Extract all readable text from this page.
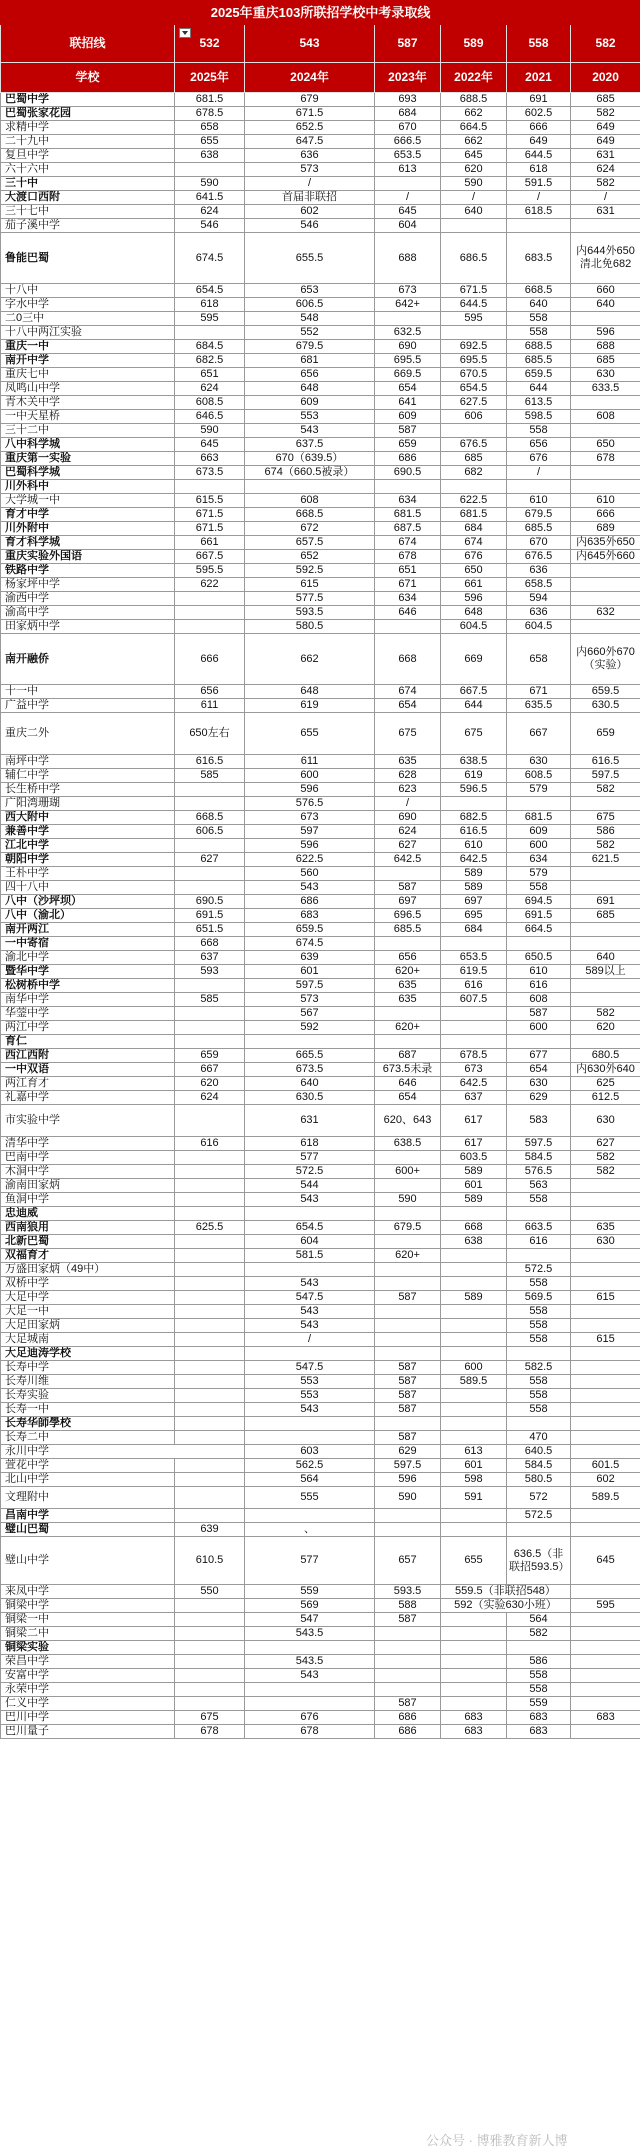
2025年重庆103所联招学校中考录取线						
联招线	532	543	587	589	558	582
学校	2025年	2024年	2023年	2022年	2021	2020
巴蜀中学	681.5	679	693	688.5	691	685
巴蜀张家花园	678.5	671.5	684	662	602.5	582
求精中学	658	652.5	670	664.5	666	649
二十九中	655	647.5	666.5	662	649	649
复旦中学	638	636	653.5	645	644.5	631
六十六中		573	613	620	618	624
三十中	590	/		590	591.5	582
大渡口西附	641.5	首届非联招	/	/	/	/
三十七中	624	602	645	640	618.5	631
茄子溪中学	546	546	604			
鲁能巴蜀	674.5	655.5	688	686.5	683.5	内644外650清北免682
十八中	654.5	653	673	671.5	668.5	660
字水中学	618	606.5	642+	644.5	640	640
二0三中	595	548		595	558	
十八中两江实验		552	632.5		558	596
重庆一中	684.5	679.5	690	692.5	688.5	688
南开中学	682.5	681	695.5	695.5	685.5	685
重庆七中	651	656	669.5	670.5	659.5	630
凤鸣山中学	624	648	654	654.5	644	633.5
青木关中学	608.5	609	641	627.5	613.5	
一中天星桥	646.5	553	609	606	598.5	608
三十二中	590	543	587		558	
八中科学城	645	637.5	659	676.5	656	650
重庆第一实验	663	670（639.5）	686	685	676	678
巴蜀科学城	673.5	674（660.5被录）	690.5	682	/	
川外科中						
大学城一中	615.5	608	634	622.5	610	610
育才中学	671.5	668.5	681.5	681.5	679.5	666
川外附中	671.5	672	687.5	684	685.5	689
育才科学城	661	657.5	674	674	670	内635外650
重庆实验外国语	667.5	652	678	676	676.5	内645外660
铁路中学	595.5	592.5	651	650	636	
杨家坪中学	622	615	671	661	658.5	
渝西中学		577.5	634	596	594	
渝高中学		593.5	646	648	636	632
田家炳中学		580.5		604.5	604.5	
南开融侨	666	662	668	669	658	内660外670（实验）
十一中	656	648	674	667.5	671	659.5
广益中学	611	619	654	644	635.5	630.5
重庆二外	650左右	655	675	675	667	659
南坪中学	616.5	611	635	638.5	630	616.5
辅仁中学	585	600	628	619	608.5	597.5
长生桥中学		596	623	596.5	579	582
广阳湾珊瑚		576.5	/			
西大附中	668.5	673	690	682.5	681.5	675
兼善中学	606.5	597	624	616.5	609	586
江北中学		596	627	610	600	582
朝阳中学	627	622.5	642.5	642.5	634	621.5
王朴中学		560		589	579	
四十八中		543	587	589	558	
八中（沙坪坝）	690.5	686	697	697	694.5	691
八中（渝北）	691.5	683	696.5	695	691.5	685
南开两江	651.5	659.5	685.5	684	664.5	
一中寄宿	668	674.5				
渝北中学	637	639	656	653.5	650.5	640
暨华中学	593	601	620+	619.5	610	589以上
松树桥中学		597.5	635	616	616	
南华中学	585	573	635	607.5	608	
华蓥中学		567			587	582
两江中学		592	620+		600	620
育仁						
西江西附	659	665.5	687	678.5	677	680.5
一中双语	667	673.5	673.5未录	673	654	内630外640
两江育才	620	640	646	642.5	630	625
礼嘉中学	624	630.5	654	637	629	612.5
市实验中学		631	620、643	617	583	630
清华中学	616	618	638.5	617	597.5	627
巴南中学		577		603.5	584.5	582
木洞中学		572.5	600+	589	576.5	582
渝南田家炳		544		601	563	
鱼洞中学		543	590	589	558	
忠迪威						
西南狼用	625.5	654.5	679.5	668	663.5	635
北新巴蜀		604		638	616	630
双福育才		581.5	620+			
万盛田家炳（49中）					572.5	
双桥中学		543			558	
大足中学		547.5	587	589	569.5	615
大足一中		543			558	
大足田家炳		543			558	
大足城南		/			558	615
大足迪涛学校						
长寿中学		547.5	587	600	582.5	
长寿川维		553	587	589.5	558	
长寿实验		553	587		558	
长寿一中		543	587		558	
长寿华師學校						
长寿二中			587		470	
永川中学		603	629	613	640.5	
萱花中学		562.5	597.5	601	584.5	601.5
北山中学		564	596	598	580.5	602
文理附中		555	590	591	572	589.5
昌南中学					572.5	
璧山巴蜀	639	、				
璧山中学	610.5	577	657	655	636.5（非联招593.5）	645
来凤中学	550	559	593.5	559.5（非联招548）		
铜梁中学		569	588	592（实验630小班）		595
铜梁一中		547	587		564	
铜梁二中		543.5			582	
铜梁实验						
荣昌中学		543.5			586	
安富中学		543			558	
永荣中学					558	
仁义中学			587		559	
巴川中学	675	676	686	683	683	683
巴川量子	678	678	686	683	683	
公众号 · 博雅教育新人博
